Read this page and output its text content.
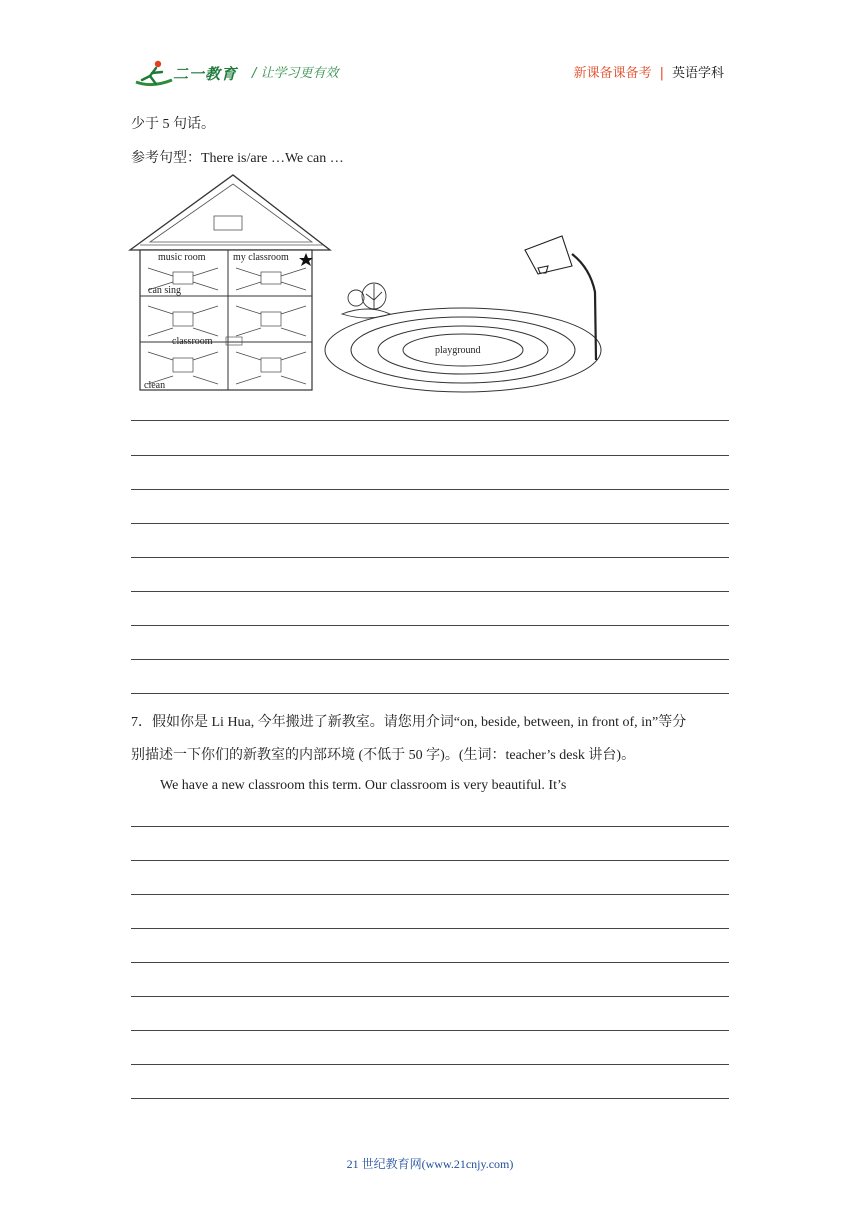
二一教育 / 让学习更有效	新课备课备考 | 英语学科
少于 5 句话。
参考句型：There is/are …We can …
music room	my classroom
can sing
classroom
clean
playground
7．假如你是 Li Hua, 今年搬进了新教室。请您用介词“on, beside, between, in front of, in”等分
别描述一下你们的新教室的内部环境 (不低于 50 字)。(生词：teacher’s desk 讲台)。
We have a new classroom this term. Our classroom is very beautiful. It’s
21 世纪教育网(www.21cnjy.com)
